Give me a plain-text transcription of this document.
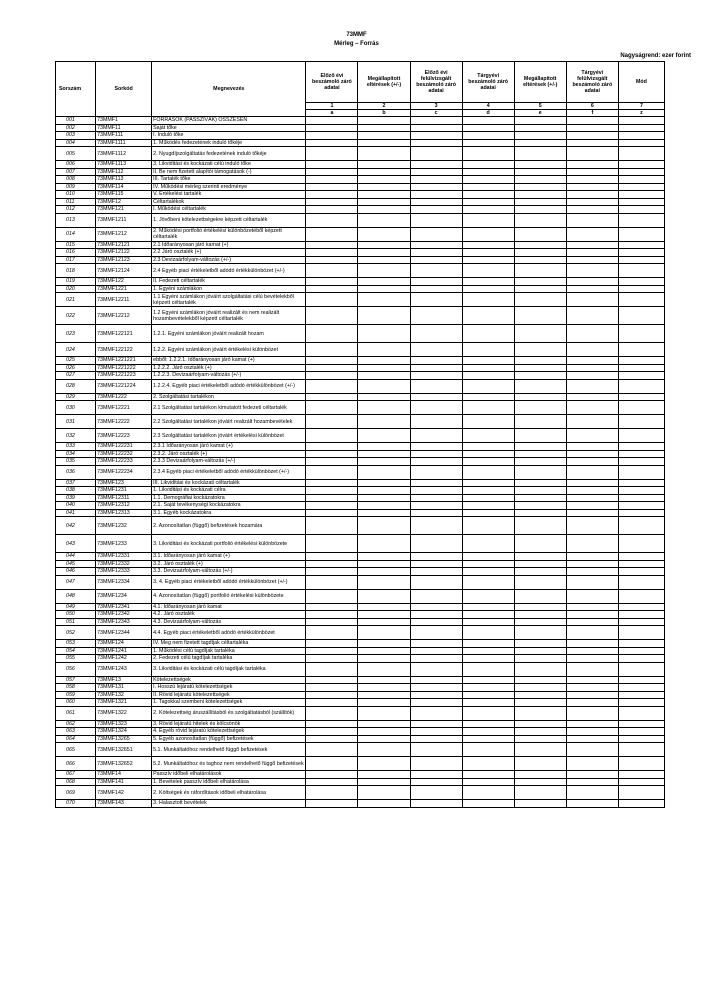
73MMF
Mérleg – Forrás
Nagyságrend: ezer forint
Sorszám	Sorkód	Megnevezés	Előző évi beszámoló záró adatai	Megállapított eltérések (+/-)	Előző évi felülvizsgált beszámoló záró adatai	Tárgyévi beszámoló záró adatai	Megállapított eltérések (+/-)	Tárgyévi felülvizsgált beszámoló záró adatai	Mód
			1	2	3	4	5	6	7
			a	b	c	d	e	f	z
001	73MMF1	FORRÁSOK (PASSZÍVÁK) ÖSSZESEN							
002	73MMF11	Saját tőke							
003	73MMF111	I. Induló tőke							
004	73MMF1111	1. Működés fedezetének induló tőkéje							
005	73MMF1112	2. Nyugdíjszolgáltatás fedezetének induló tőkéje							
006	73MMF1113	3. Likviditási és kockázati célú induló tőke							
007	73MMF112	II. Be nem fizetett alapítói támogatások (-)							
008	73MMF113	III. Tartalék tőke							
009	73MMF114	IV. Működési mérleg szerinti eredménye							
010	73MMF115	V. Értékelési tartalék							
011	73MMF12	Céltartalékok							
012	73MMF121	I. Működési céltartalék							
013	73MMF1211	1. Jövőbeni kötelezettségekre képzett céltartalék							
014	73MMF1212	2. Működési portfolió értékelési különbözetéből képzett céltartalék							
015	73MMF12121	2.1 Időarányosan járó kamat (+)							
016	73MMF12122	2.2 Járó osztalék (+)							
017	73MMF12123	2.3 Devizaárfolyam-változás (+/-)							
018	73MMF12124	2.4 Egyéb piaci értékeletből adódó értékkülönbözet (+/-)							
019	73MMF122	II. Fedezeti céltartalék							
020	73MMF1221	1. Egyéni számlákon							
021	73MMF12211	1.1 Egyéni számlákon jóváírt szolgáltatási célú bevételekből képzett céltartalék							
022	73MMF12212	1.2 Egyéni számlákon jóváírt realizált és nem realizált hozambevételekből képzett céltartalék							
023	73MMF122121	1.2.1. Egyéni számlákon jóváírt realizált hozam							
024	73MMF122122	1.2.2. Egyéni számlákon jóváírt értékelési különbözet							
025	73MMF1221221	ebből: 1.2.2.1. Időarányosan járó kamat (+)							
026	73MMF1221222	1.2.2.2. Járó osztalék (+)							
027	73MMF1221223	1.2.2.3. Devizaárfolyam-változás (+/-)							
028	73MMF1221224	1.2.2.4. Egyéb piaci értékeletből adódó értékkülönbözet (+/-)							
029	73MMF1222	2. Szolgáltatási tartalékon							
030	73MMF12221	2.1 Szolgáltatási tartalékon kimutatott fedezeti céltartalék							
031	73MMF12222	2.2 Szolgáltatási tartalékon jóváírt realizált hozambevételek							
032	73MMF12223	2.3 Szolgáltatási tartalékon jóváírt értékelési különbözet							
033	73MMF122231	2.3.1 Időarányosan járó kamat (+)							
034	73MMF122232	2.3.2. Járó osztalék (+)							
035	73MMF122233	2.3.3 Devizaárfolyam-változás (+/-)							
036	73MMF122234	2.3.4 Egyéb piaci értékeletből adódó értékkülönbözet (+/-)							
037	73MMF123	III. Likviditási és kockázati céltartalék							
038	73MMF1231	1. Likviditási és kockázati célra							
039	73MMF12311	1.1. Demográfiai kockázatokra							
040	73MMF12312	2.1. Saját tevékenységi kockázatokra							
041	73MMF12313	3.1. Egyéb kockázatokra							
042	73MMF1232	2. Azonosítatlan (függő) befizetések hozamára							
043	73MMF1233	3. Likviditási és kockázati portfolió értékelési különbözete							
044	73MMF12331	3.1. Időarányosan járó kamat (+)							
045	73MMF12332	3.2. Járó osztalék (+)							
046	73MMF12333	3.3. Devizaárfolyam-változás (+/-)							
047	73MMF12334	3. 4. Egyéb piaci értékeletből adódó értékkülönbözet (+/-)							
048	73MMF1234	4. Azonosítatlan (függő) portfolió értékelési különbözete							
049	73MMF12341	4.1. Időarányosan járó kamat							
050	73MMF12342	4.2. Járó osztalék							
051	73MMF12343	4.3. Devizaárfolyam-változás							
052	73MMF12344	4.4. Egyéb piaci értékeletből adódó értékkülönbözet							
053	73MMF124	IV. Meg nem fizetett tagdíjak céltartaléka							
054	73MMF1241	1. Működési célú tagdíjak tartaléka							
055	73MMF1242	2. Fedezeti célú tagdíjak tartaléka							
056	73MMF1243	3. Likviditási és kockázati célú tagdíjak tartaléka							
057	73MMF13	Kötelezettségek							
058	73MMF131	I. Hosszú lejáratú kötelezettségek							
059	73MMF132	II. Rövid lejáratú kötelezettségek							
060	73MMF1321	1. Tagokkal szembeni kötelezettségek							
061	73MMF1322	2. Kötelezettség áruszállításból és szolgáltatásból (szállítók)							
062	73MMF1323	3. Rövid lejáratú hitelek és kölcsönök							
063	73MMF1324	4. Egyéb rövid lejáratú kötelezettségek							
064	73MMF13265	5. Egyéb azonosítatlan (függő) befizetések							
065	73MMF132651	5.1. Munkáltatóhoz rendelhető függő befizetések							
066	73MMF132652	5.2. Munkáltatóhoz és taghoz nem rendelhető függő befizetések							
067	73MMF14	Passzív időbeli elhatárolások							
068	73MMF141	1. Bevételek passzív időbeli elhatárolása							
069	73MMF142	2. Költségek és ráfordítások időbeli elhatárolása							
070	73MMF143	3. Halasztott bevételek							
